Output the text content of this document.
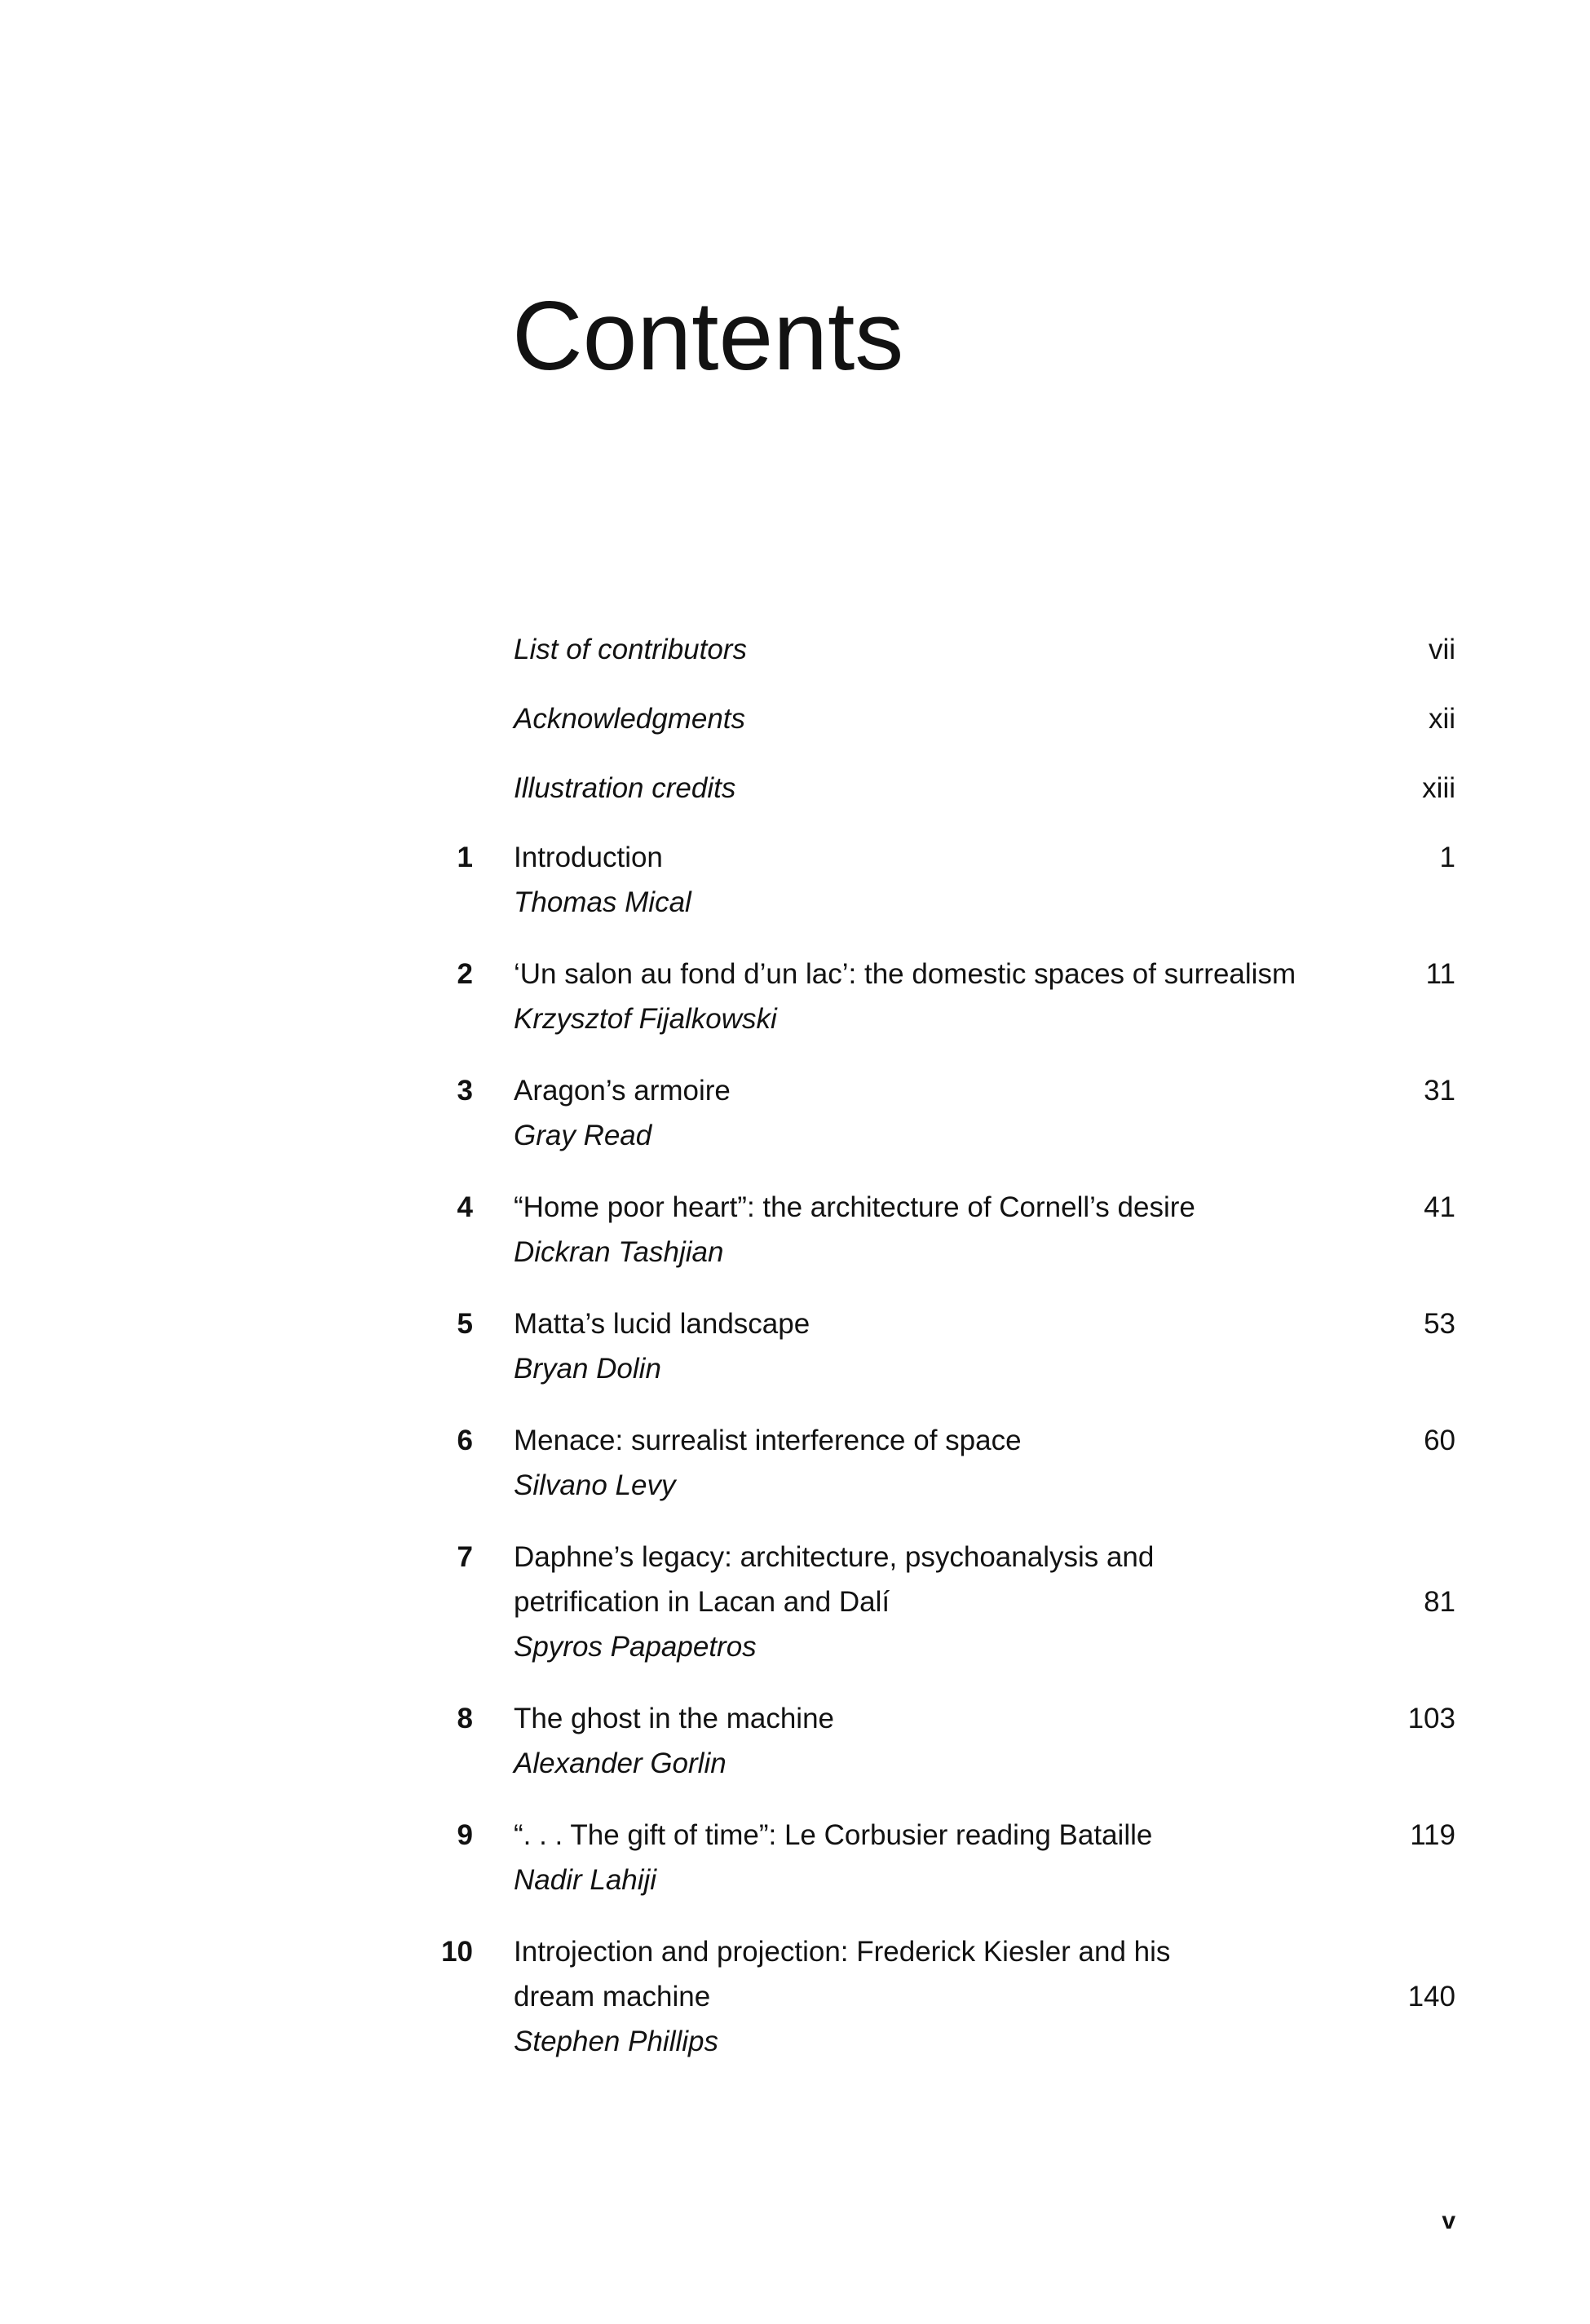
Contents
List of contributors	vii
Acknowledgments	xii
Illustration credits	xiii
1 Introduction	1
Thomas Mical
2 ‘Un salon au fond d’un lac’: the domestic spaces of surrealism	11
Krzysztof Fijalkowski
3 Aragon’s armoire	31
Gray Read
4 “Home poor heart”: the architecture of Cornell’s desire	41
Dickran Tashjian
5 Matta’s lucid landscape	53
Bryan Dolin
6 Menace: surrealist interference of space	60
Silvano Levy
7 Daphne’s legacy: architecture, psychoanalysis and
petrification in Lacan and Dalí	81
Spyros Papapetros
8 The ghost in the machine	103
Alexander Gorlin
9 “. . . The gift of time”: Le Corbusier reading Bataille	119
Nadir Lahiji
10 Introjection and projection: Frederick Kiesler and his
dream machine	140
Stephen Phillips
v
